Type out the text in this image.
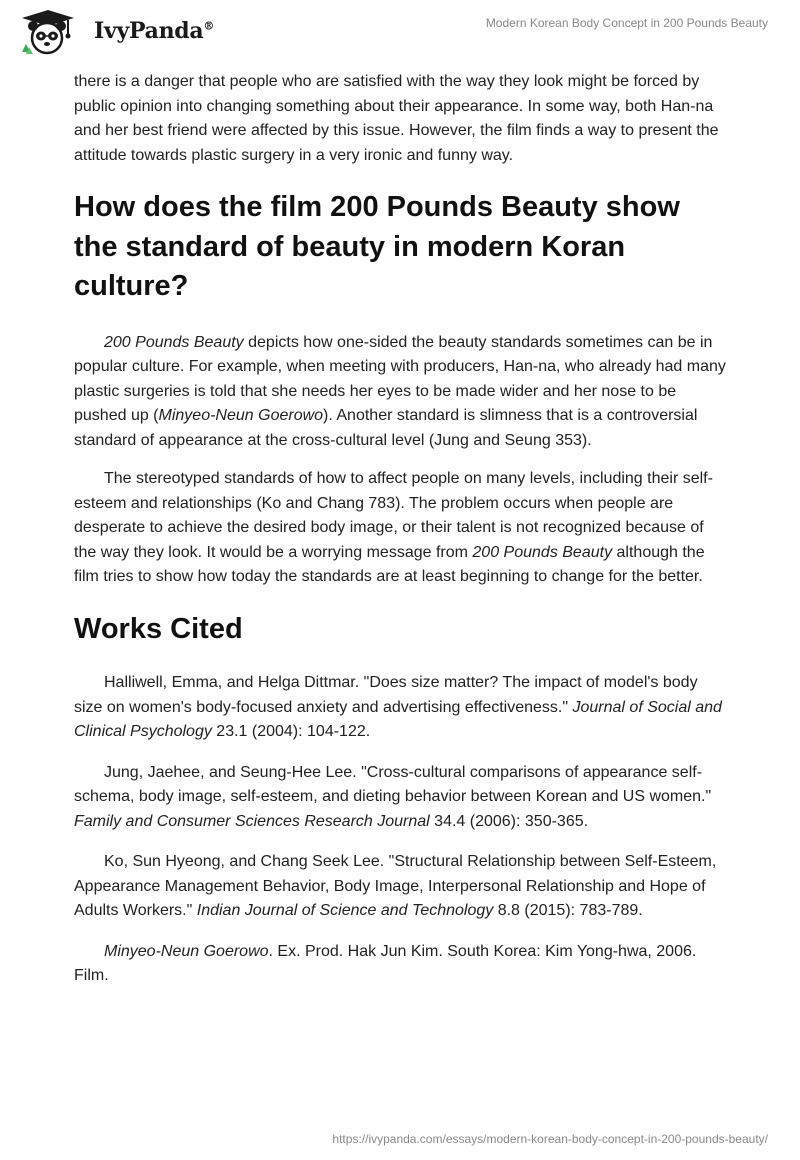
IvyPanda®	Modern Korean Body Concept in 200 Pounds Beauty

there is a danger that people who are satisfied with the way they look might be forced by public opinion into changing something about their appearance. In some way, both Han-na and her best friend were affected by this issue. However, the film finds a way to present the attitude towards plastic surgery in a very ironic and funny way.

How does the film 200 Pounds Beauty show the standard of beauty in modern Koran culture?

200 Pounds Beauty depicts how one-sided the beauty standards sometimes can be in popular culture. For example, when meeting with producers, Han-na, who already had many plastic surgeries is told that she needs her eyes to be made wider and her nose to be pushed up (Minyeo-Neun Goerowo). Another standard is slimness that is a controversial standard of appearance at the cross-cultural level (Jung and Seung 353).

The stereotyped standards of how to affect people on many levels, including their self-esteem and relationships (Ko and Chang 783). The problem occurs when people are desperate to achieve the desired body image, or their talent is not recognized because of the way they look. It would be a worrying message from 200 Pounds Beauty although the film tries to show how today the standards are at least beginning to change for the better.

Works Cited

Halliwell, Emma, and Helga Dittmar. "Does size matter? The impact of model's body size on women's body-focused anxiety and advertising effectiveness." Journal of Social and Clinical Psychology 23.1 (2004): 104-122.

Jung, Jaehee, and Seung-Hee Lee. "Cross-cultural comparisons of appearance self-schema, body image, self-esteem, and dieting behavior between Korean and US women." Family and Consumer Sciences Research Journal 34.4 (2006): 350-365.

Ko, Sun Hyeong, and Chang Seek Lee. "Structural Relationship between Self-Esteem, Appearance Management Behavior, Body Image, Interpersonal Relationship and Hope of Adults Workers." Indian Journal of Science and Technology 8.8 (2015): 783-789.

Minyeo-Neun Goerowo. Ex. Prod. Hak Jun Kim. South Korea: Kim Yong-hwa, 2006. Film.

https://ivypanda.com/essays/modern-korean-body-concept-in-200-pounds-beauty/
